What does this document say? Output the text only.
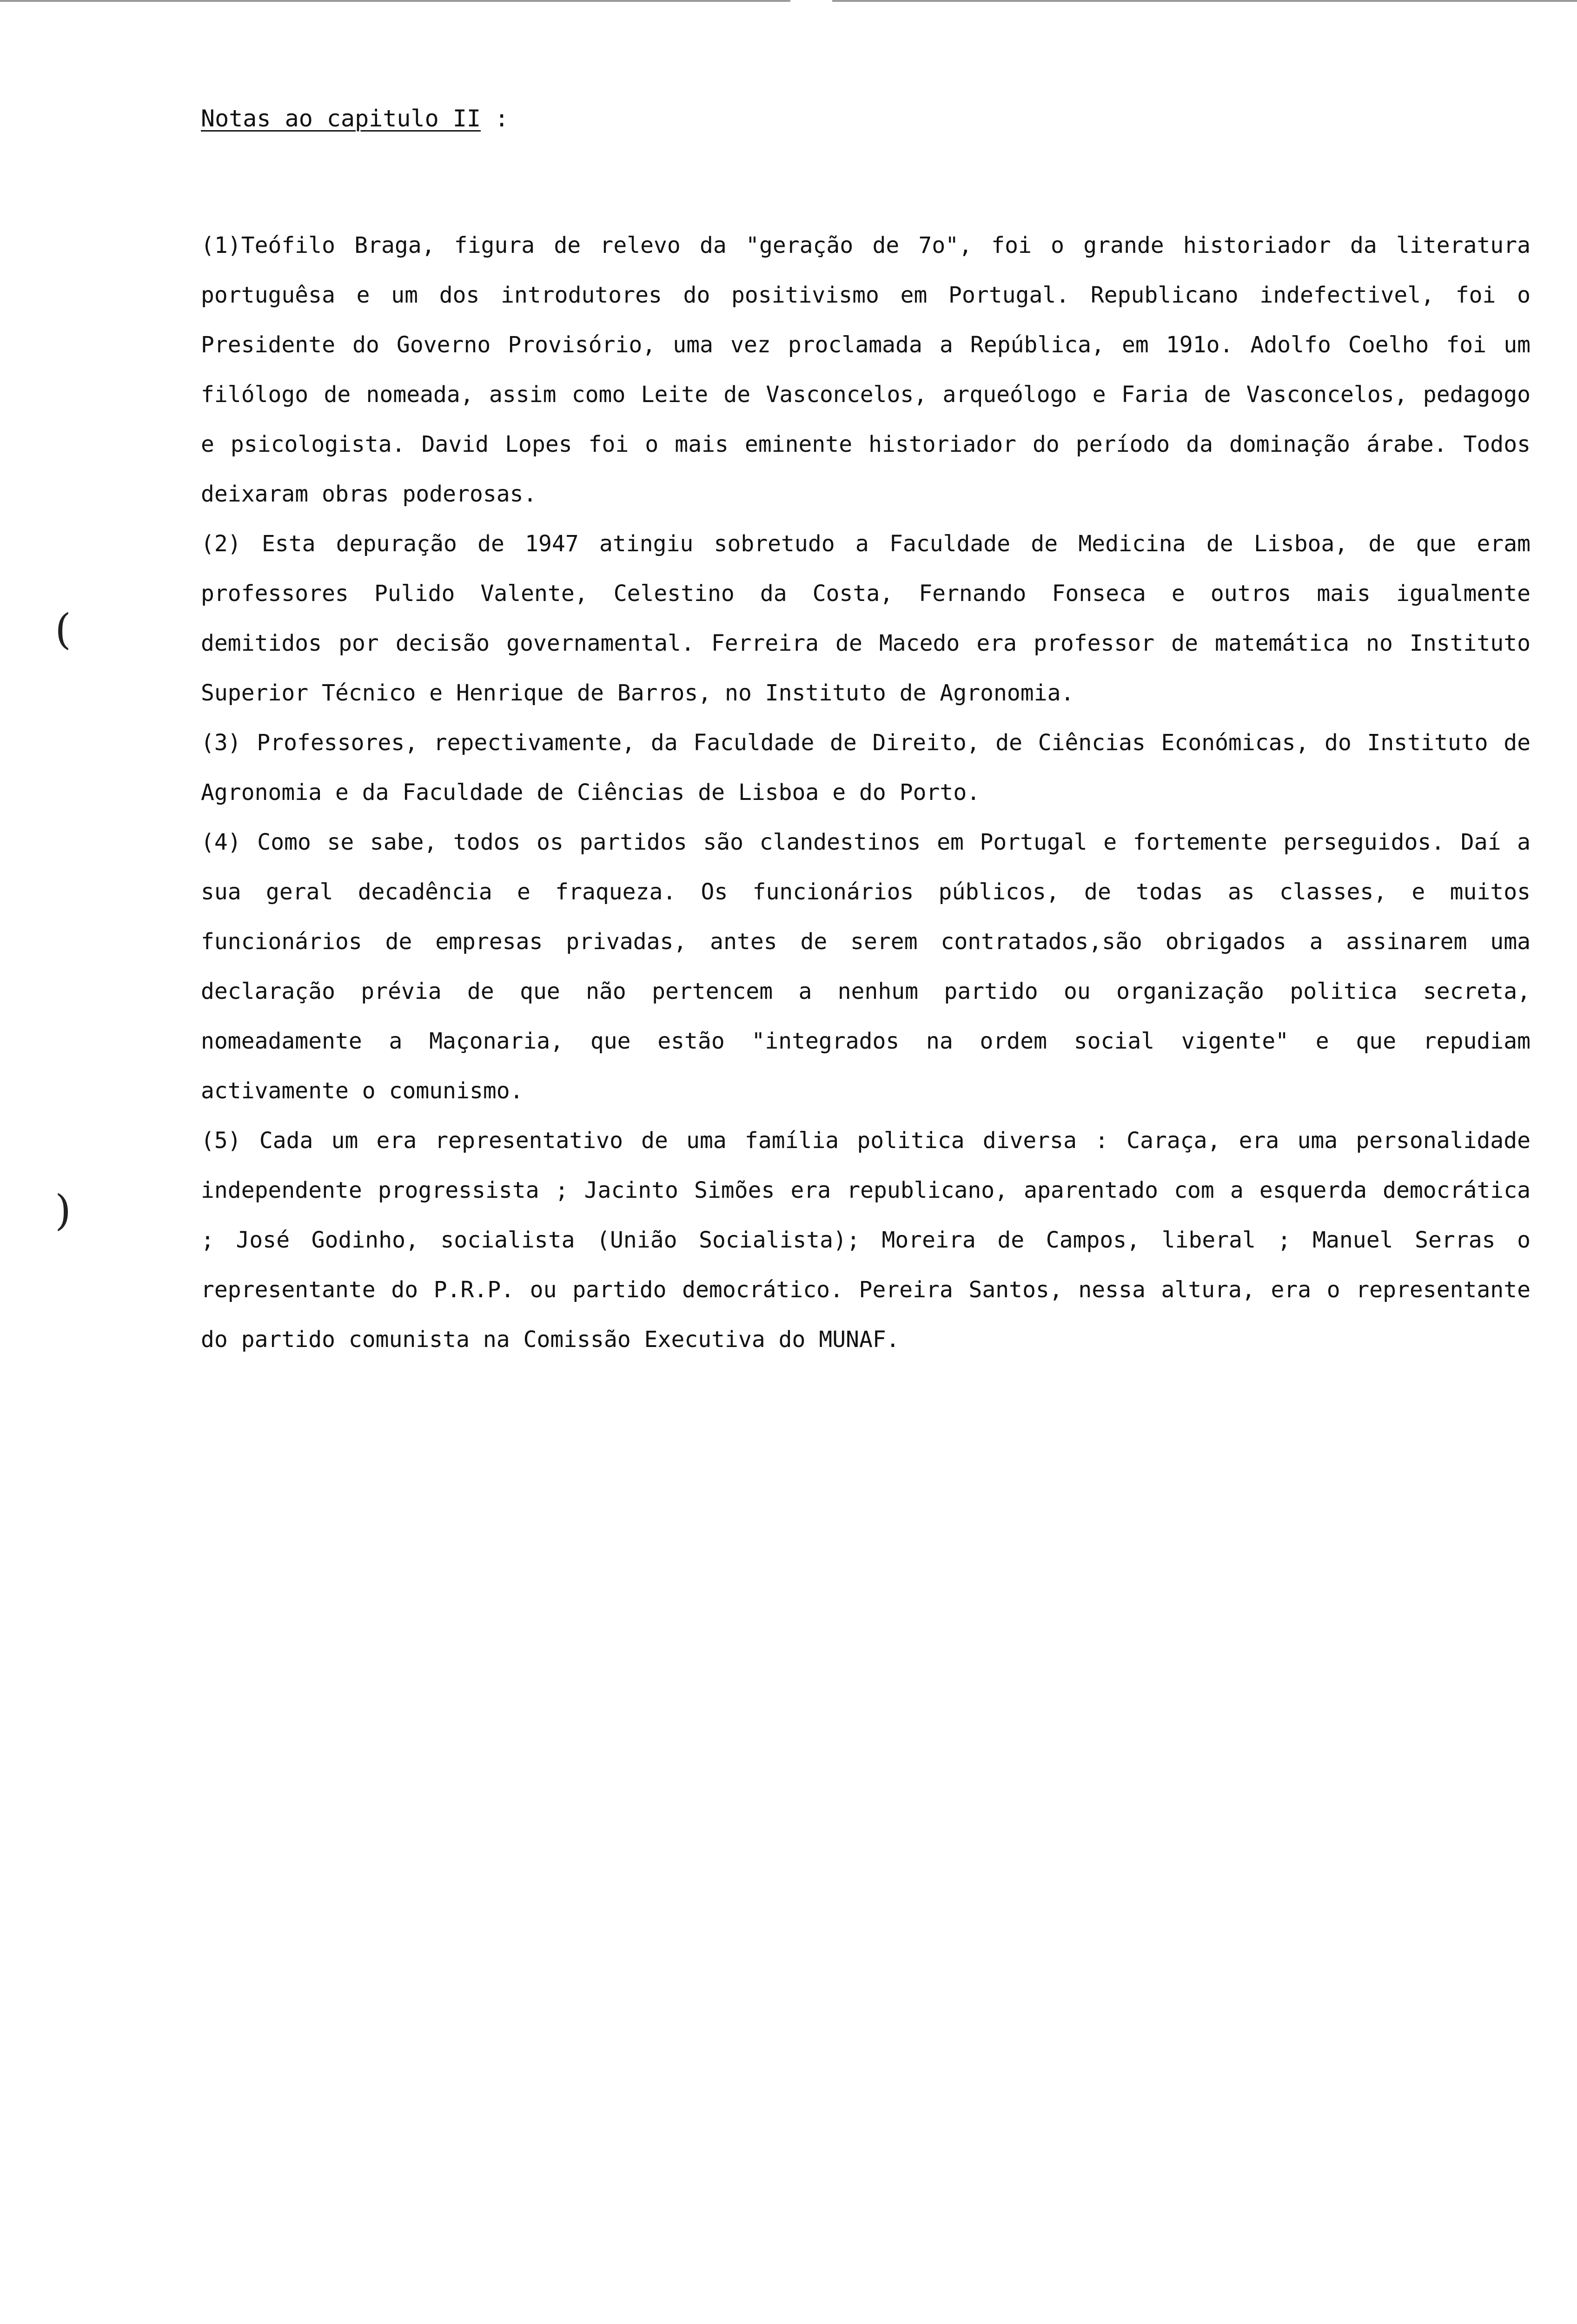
(
)
Notas ao capitulo II :

(1)Teófilo Braga, figura de relevo da "geração de 7o", foi o grande historiador da literatura portuguêsa e um dos introdutores do positivismo em Portugal. Republicano indefectivel, foi o Presidente do Governo Provisório, uma vez proclamada a República, em 191o. Adolfo Coelho foi um filólogo de nomeada, assim como Leite de Vasconcelos, arqueólogo e Faria de Vasconcelos, pedagogo e psicologista. David Lopes foi o mais eminente historiador do período da dominação árabe. Todos deixaram obras poderosas.

(2) Esta depuração de 1947 atingiu sobretudo a Faculdade de Medicina de Lisboa, de que eram professores Pulido Valente, Celestino da Costa, Fernando Fonseca e outros mais igualmente demitidos por decisão governamental. Ferreira de Macedo era professor de matemática no Instituto Superior Técnico e Henrique de Barros, no Instituto de Agronomia.

(3) Professores, repectivamente, da Faculdade de Direito, de Ciências Económicas, do Instituto de Agronomia e da Faculdade de Ciências de Lisboa e do Porto.

(4) Como se sabe, todos os partidos são clandestinos em Portugal e fortemente perseguidos. Daí a sua geral decadência e fraqueza. Os funcionários públicos, de todas as classes, e muitos funcionários de empresas privadas, antes de serem contratados,são obrigados a assinarem uma declaração prévia de que não pertencem a nenhum partido ou organização politica secreta, nomeadamente a Maçonaria, que estão "integrados na ordem social vigente" e que repudiam activamente o comunismo.

(5) Cada um era representativo de uma família politica diversa : Caraça, era uma personalidade independente progressista ; Jacinto Simões era republicano, aparentado com a esquerda democrática ; José Godinho, socialista (União Socialista); Moreira de Campos, liberal ; Manuel Serras o representante do P.R.P. ou partido democrático. Pereira Santos, nessa altura, era o representante do partido comunista na Comissão Executiva do MUNAF.
